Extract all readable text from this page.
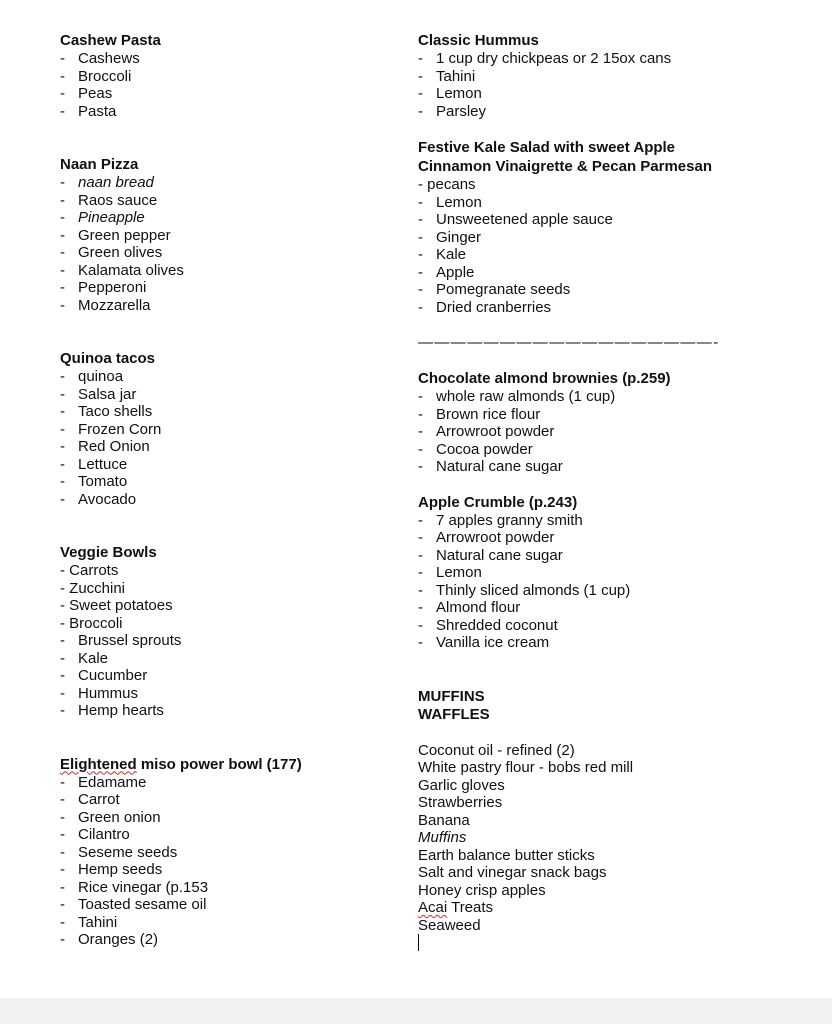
Cashew Pasta
- Cashews
- Broccoli
- Peas
- Pasta
Naan Pizza
- naan bread
- Raos sauce
- Pineapple
- Green pepper
- Green olives
- Kalamata olives
- Pepperoni
- Mozzarella
Quinoa tacos
- quinoa
- Salsa jar
- Taco shells
- Frozen Corn
- Red Onion
- Lettuce
- Tomato
- Avocado
Veggie Bowls
- Carrots
- Zucchini
- Sweet potatoes
- Broccoli
- Brussel sprouts
- Kale
- Cucumber
- Hummus
- Hemp hearts
Elightened miso power bowl (177)
- Edamame
- Carrot
- Green onion
- Cilantro
- Seseme seeds
- Hemp seeds
- Rice vinegar (p.153
- Toasted sesame oil
- Tahini
- Oranges (2)
Classic Hummus
- 1 cup dry chickpeas or 2 15ox cans
- Tahini
- Lemon
- Parsley
Festive Kale Salad with sweet Apple Cinnamon Vinaigrette & Pecan Parmesan
- pecans
- Lemon
- Unsweetened apple sauce
- Ginger
- Kale
- Apple
- Pomegranate seeds
- Dried cranberries
——————————————————-
Chocolate almond brownies (p.259)
- whole raw almonds (1 cup)
- Brown rice flour
- Arrowroot powder
- Cocoa powder
- Natural cane sugar
Apple Crumble (p.243)
- 7 apples granny smith
- Arrowroot powder
- Natural cane sugar
- Lemon
- Thinly sliced almonds (1 cup)
- Almond flour
- Shredded coconut
- Vanilla ice cream
MUFFINS
WAFFLES
Coconut oil - refined (2)
White pastry flour - bobs red mill
Garlic gloves
Strawberries
Banana
Muffins
Earth balance butter sticks
Salt and vinegar snack bags
Honey crisp apples
Acai Treats
Seaweed
